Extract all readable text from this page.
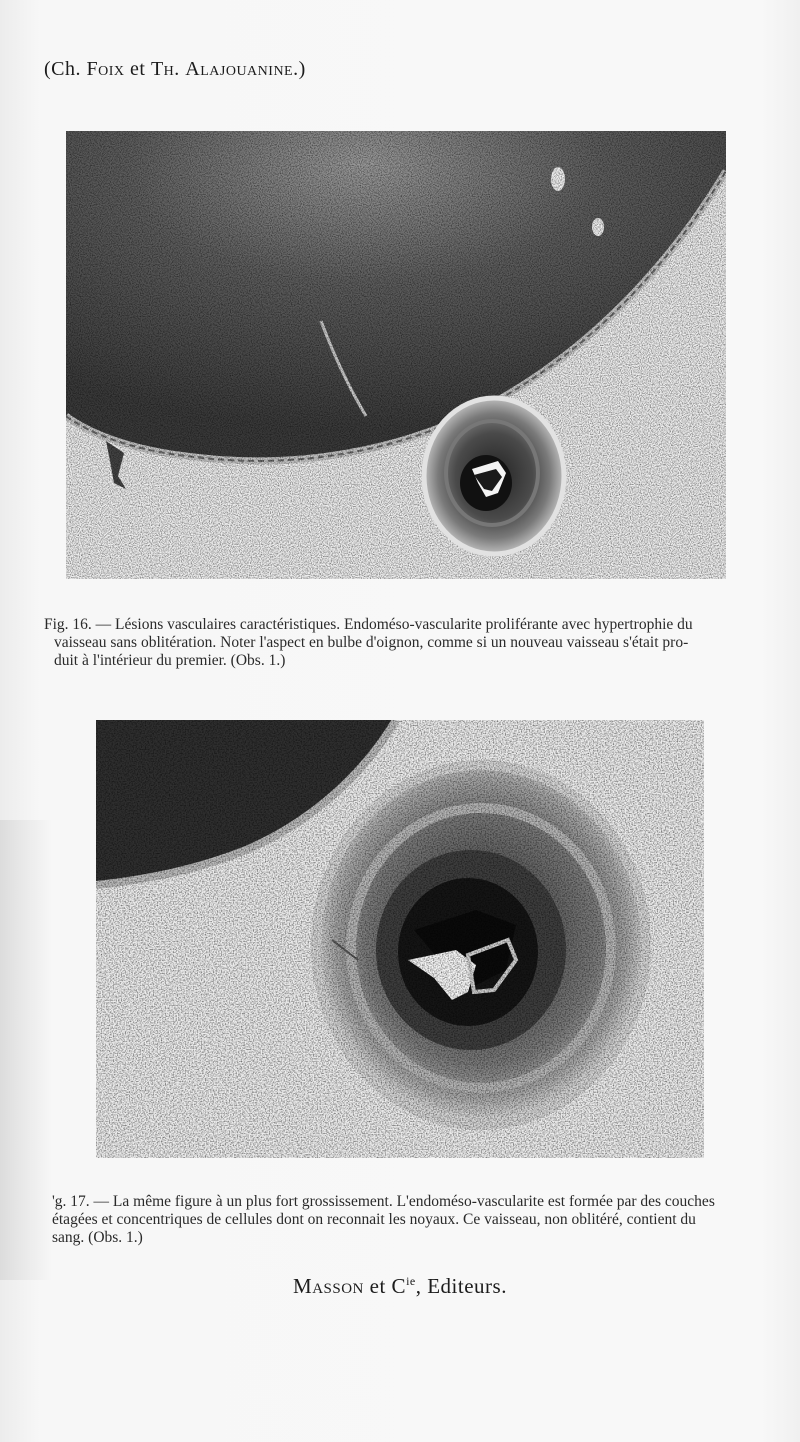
(Ch. Foix et Th. Alajouanine.)

Fig. 16. — Lésions vasculaires caractéristiques. Endoméso-vascularite proliférante avec hypertrophie du

vaisseau sans oblitération. Noter l'aspect en bulbe d'oignon, comme si un nouveau vaisseau s'était pro-

duit à l'intérieur du premier. (Obs. 1.)

'g. 17. — La même figure à un plus fort grossissement. L'endoméso-vascularite est formée par des couches

étagées et concentriques de cellules dont on reconnait les noyaux. Ce vaisseau, non oblitéré, contient du

sang. (Obs. 1.)

Masson et $C^{ie}$, Editeurs.
